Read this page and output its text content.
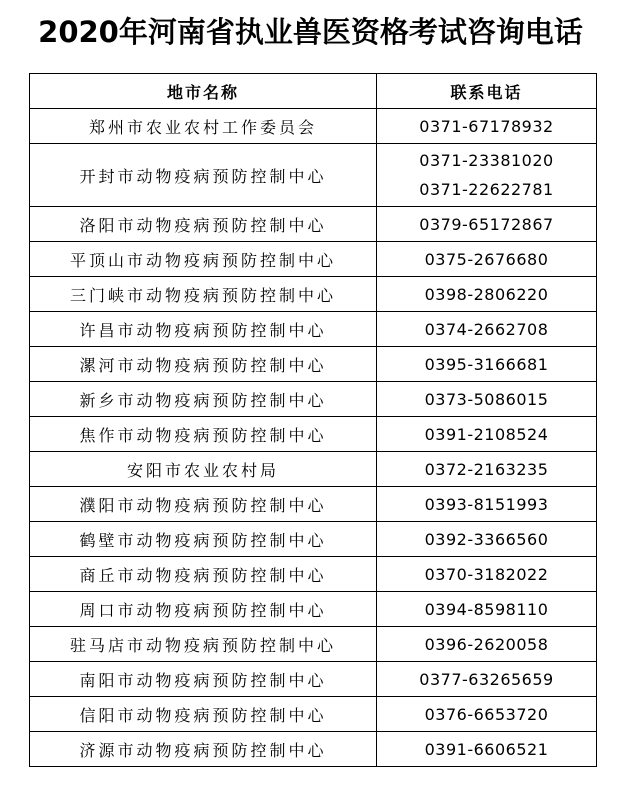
2020年河南省执业兽医资格考试咨询电话
地市名称	联系电话
郑州市农业农村工作委员会	0371-67178932

开封市动物疫病预防控制中心	0371-23381020
0371-22622781

洛阳市动物疫病预防控制中心	0379-65172867

平顶山市动物疫病预防控制中心	0375-2676680

三门峡市动物疫病预防控制中心	0398-2806220

许昌市动物疫病预防控制中心	0374-2662708

漯河市动物疫病预防控制中心	0395-3166681

新乡市动物疫病预防控制中心	0373-5086015

焦作市动物疫病预防控制中心	0391-2108524

安阳市农业农村局	0372-2163235

濮阳市动物疫病预防控制中心	0393-8151993

鹤壁市动物疫病预防控制中心	0392-3366560

商丘市动物疫病预防控制中心	0370-3182022

周口市动物疫病预防控制中心	0394-8598110

驻马店市动物疫病预防控制中心	0396-2620058

南阳市动物疫病预防控制中心	0377-63265659

信阳市动物疫病预防控制中心	0376-6653720

济源市动物疫病预防控制中心	0391-6606521
